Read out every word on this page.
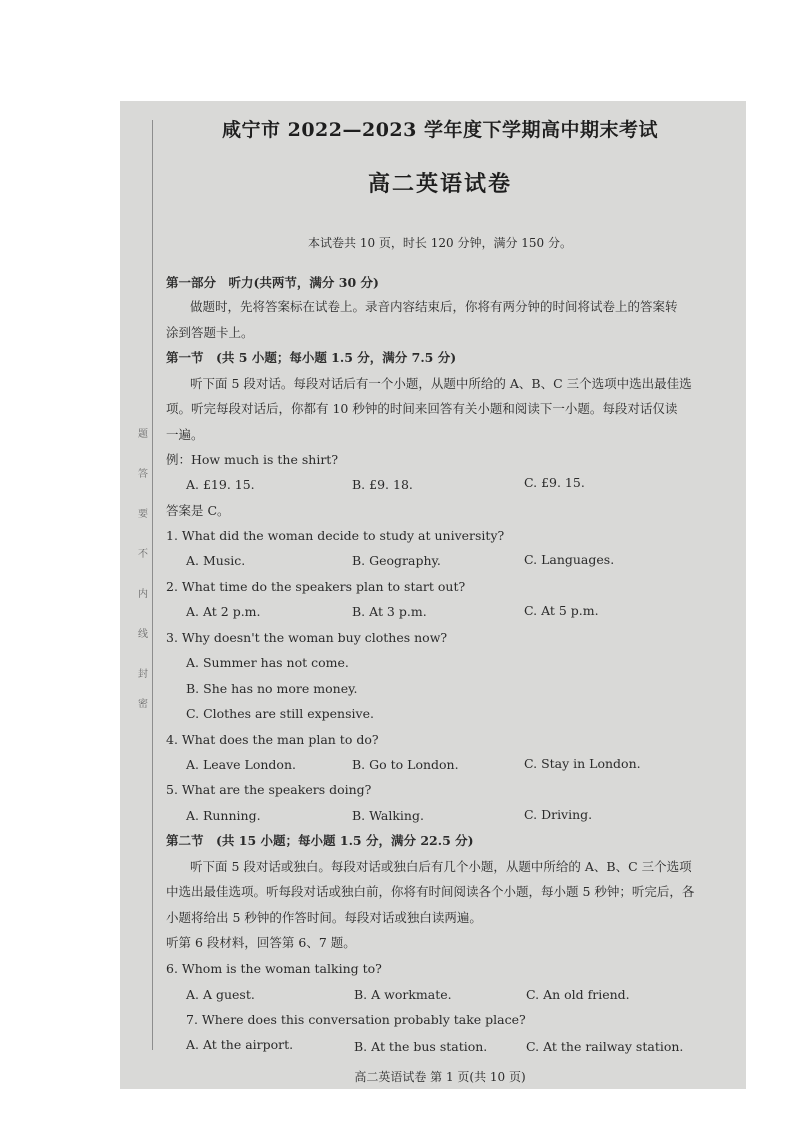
题
答
要
不
内
线
封
密
咸宁市 2022—2023 学年度下学期高中期末考试
高二英语试卷
本试卷共 10 页，时长 120 分钟，满分 150 分。
第一部分　听力(共两节，满分 30 分)
做题时，先将答案标在试卷上。录音内容结束后，你将有两分钟的时间将试卷上的答案转
涂到答题卡上。
第一节　(共 5 小题；每小题 1.5 分，满分 7.5 分)
听下面 5 段对话。每段对话后有一个小题，从题中所给的 A、B、C 三个选项中选出最佳选
项。听完每段对话后，你都有 10 秒钟的时间来回答有关小题和阅读下一小题。每段对话仅读
一遍。
例：How much is the shirt?
A. £19. 15.	B. £9. 18.	C. £9. 15.
答案是 C。
1. What did the woman decide to study at university?
A. Music.	B. Geography.	C. Languages.
2. What time do the speakers plan to start out?
A. At 2 p.m.	B. At 3 p.m.	C. At 5 p.m.
3. Why doesn't the woman buy clothes now?
A. Summer has not come.
B. She has no more money.
C. Clothes are still expensive.
4. What does the man plan to do?
A. Leave London.	B. Go to London.	C. Stay in London.
5. What are the speakers doing?
A. Running.	B. Walking.	C. Driving.
第二节　(共 15 小题；每小题 1.5 分，满分 22.5 分)
听下面 5 段对话或独白。每段对话或独白后有几个小题，从题中所给的 A、B、C 三个选项
中选出最佳选项。听每段对话或独白前，你将有时间阅读各个小题，每小题 5 秒钟；听完后，各
小题将给出 5 秒钟的作答时间。每段对话或独白读两遍。
听第 6 段材料，回答第 6、7 题。
6. Whom is the woman talking to?
A. A guest.	B. A workmate.	C. An old friend.
7. Where does this conversation probably take place?
A. At the airport.	B. At the bus station.	C. At the railway station.
高二英语试卷 第 1 页(共 10 页)
